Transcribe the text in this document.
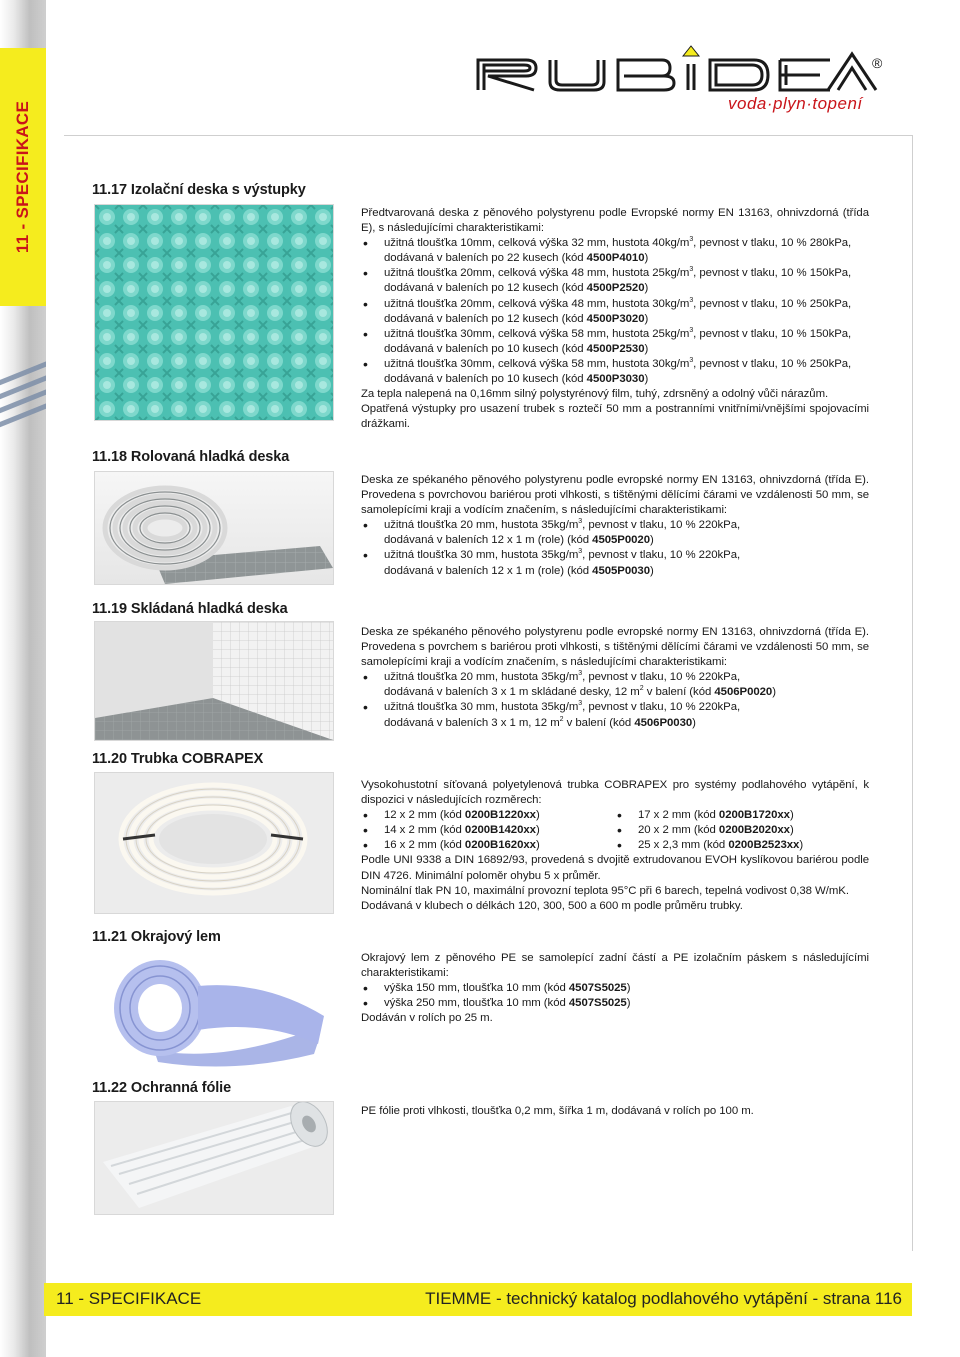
11 - SPECIFIKACE
®
voda·plyn·topení
11.17 Izolační deska s výstupky

Předtvarovaná deska z pěnového polystyrenu podle Evropské normy EN 13163, ohnivzdorná (třída E), s následujícími charakteristikami:

• užitná tloušťka 10mm, celková výška 32 mm, hustota $40kg/m^3$, pevnost v tlaku, 10 % 280kPa,
dodávaná v baleních po 22 kusech (kód 4500P4010)
• užitná tloušťka 20mm, celková výška 48 mm, hustota $25kg/m^3$, pevnost v tlaku, 10 % 150kPa,
dodávaná v baleních po 12 kusech (kód 4500P2520)
• užitná tloušťka 20mm, celková výška 48 mm, hustota $30kg/m^3$, pevnost v tlaku, 10 % 250kPa,
dodávaná v baleních po 12 kusech (kód 4500P3020)
• užitná tloušťka 30mm, celková výška 58 mm, hustota $25kg/m^3$, pevnost v tlaku, 10 % 150kPa,
dodávaná v baleních po 10 kusech (kód 4500P2530)
• užitná tloušťka 30mm, celková výška 58 mm, hustota $30kg/m^3$, pevnost v tlaku, 10 % 250kPa,
dodávaná v baleních po 10 kusech (kód 4500P3030)

Za tepla nalepená na 0,16mm silný polystyrénový film, tuhý, zdrsněný a odolný vůči nárazům.

Opatřená výstupky pro usazení trubek s roztečí 50 mm a postranními vnitřními/vnějšími spojovacími drážkami.

11.18 Rolovaná hladká deska

Deska ze spékaného pěnového polystyrenu podle evropské normy EN 13163, ohnivzdorná (třída E). Provedena s povrchovou bariérou proti vlhkosti, s tištěnými dělícími čárami ve vzdálenosti 50 mm, se samolepícími kraji a vodícím značením, s následujícími charakteristikami:

• užitná tloušťka 20 mm, hustota $35kg/m^3$, pevnost v tlaku, 10 % 220kPa,
dodávaná v baleních 12 x 1 m (role) (kód 4505P0020)
• užitná tloušťka 30 mm, hustota $35kg/m^3$, pevnost v tlaku, 10 % 220kPa,
dodávaná v baleních 12 x 1 m (role) (kód 4505P0030)
11.19 Skládaná hladká deska

Deska ze spékaného pěnového polystyrenu podle evropské normy EN 13163, ohnivzdorná (třída E). Provedena s povrchem s bariérou proti vlhkosti, s tištěnými dělícími čárami ve vzdálenosti 50 mm, se samolepícími kraji a vodícím značením, s následujícími charakteristikami:

• užitná tloušťka 20 mm, hustota $35kg/m^3$, pevnost v tlaku, 10 % 220kPa,
dodávaná v baleních 3 x 1 m skládané desky, 12 $m^2$ v balení (kód 4506P0020)
• užitná tloušťka 30 mm, hustota $35kg/m^3$, pevnost v tlaku, 10 % 220kPa,
dodávaná v baleních 3 x 1 m, 12 $m^2$ v balení (kód 4506P0030)
11.20 Trubka COBRAPEX

Vysokohustotní síťovaná polyetylenová trubka COBRAPEX pro systémy podlahového vytápění, k dispozici v následujících rozměrech:

• 12 x 2 mm (kód 0200B1220xx)
• 14 x 2 mm (kód 0200B1420xx)
• 16 x 2 mm (kód 0200B1620xx)
• 17 x 2 mm (kód 0200B1720xx)
• 20 x 2 mm (kód 0200B2020xx)
• 25 x 2,3 mm (kód 0200B2523xx)

Podle UNI 9338 a DIN 16892/93, provedená s dvojitě extrudovanou EVOH kyslíkovou bariérou podle DIN 4726. Minimální poloměr ohybu 5 x průměr.

Nominální tlak PN 10, maximální provozní teplota 95°C při 6 barech, tepelná vodivost 0,38 W/mK.

Dodávaná v klubech o délkách 120, 300, 500 a 600 m podle průměru trubky.

11.21 Okrajový lem

Okrajový lem z pěnového PE se samolepící zadní částí a PE izolačním páskem s následujícími charakteristikami:

• výška 150 mm, tloušťka 10 mm (kód 4507S5025)
• výška 250 mm, tloušťka 10 mm (kód 4507S5025)

Dodáván v rolích po 25 m.

11.22 Ochranná fólie

PE fólie proti vlhkosti, tloušťka 0,2 mm, šířka 1 m, dodávaná v rolích po 100 m.

11 - SPECIFIKACE	TIEMME - technický katalog podlahového vytápění - strana 116
